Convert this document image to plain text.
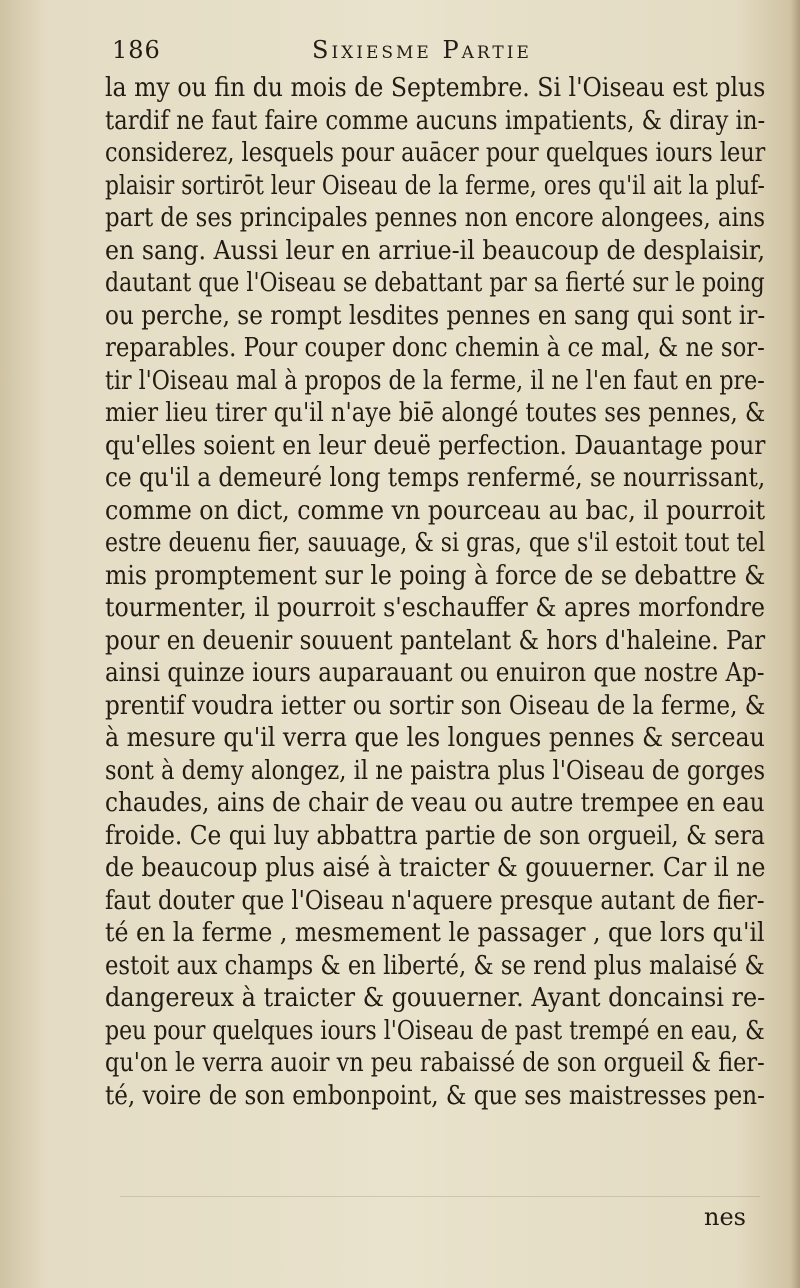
186	Sixiesme Partie
la my ou fin du mois de Septembre. Si l'Oiseau est plus
tardif ne faut faire comme aucuns impatients, & diray in-
considerez, lesquels pour auācer pour quelques iours leur
plaisir sortirōt leur Oiseau de la ferme, ores qu'il ait la pluf-
part de ses principales pennes non encore alongees, ains
en sang. Aussi leur en arriue-il beaucoup de desplaisir,
dautant que l'Oiseau se debattant par sa fierté sur le poing
ou perche, se rompt lesdites pennes en sang qui sont ir-
reparables. Pour couper donc chemin à ce mal, & ne sor-
tir l'Oiseau mal à propos de la ferme, il ne l'en faut en pre-
mier lieu tirer qu'il n'aye biē alongé toutes ses pennes, &
qu'elles soient en leur deuë perfection. Dauantage pour
ce qu'il a demeuré long temps renfermé, se nourrissant,
comme on dict, comme vn pourceau au bac, il pourroit
estre deuenu fier, sauuage, & si gras, que s'il estoit tout tel
mis promptement sur le poing à force de se debattre &
tourmenter, il pourroit s'eschauffer & apres morfondre
pour en deuenir souuent pantelant & hors d'haleine. Par
ainsi quinze iours auparauant ou enuiron que nostre Ap-
prentif voudra ietter ou sortir son Oiseau de la ferme, &
à mesure qu'il verra que les longues pennes & serceau
sont à demy alongez, il ne paistra plus l'Oiseau de gorges
chaudes, ains de chair de veau ou autre trempee en eau
froide. Ce qui luy abbattra partie de son orgueil, & sera
de beaucoup plus aisé à traicter & gouuerner. Car il ne
faut douter que l'Oiseau n'aquere presque autant de fier-
té en la ferme , mesmement le passager , que lors qu'il
estoit aux champs & en liberté, & se rend plus malaisé &
dangereux à traicter & gouuerner. Ayant doncainsi re-
peu pour quelques iours l'Oiseau de past trempé en eau, &
qu'on le verra auoir vn peu rabaissé de son orgueil & fier-
té, voire de son embonpoint, & que ses maistresses pen-
nes
